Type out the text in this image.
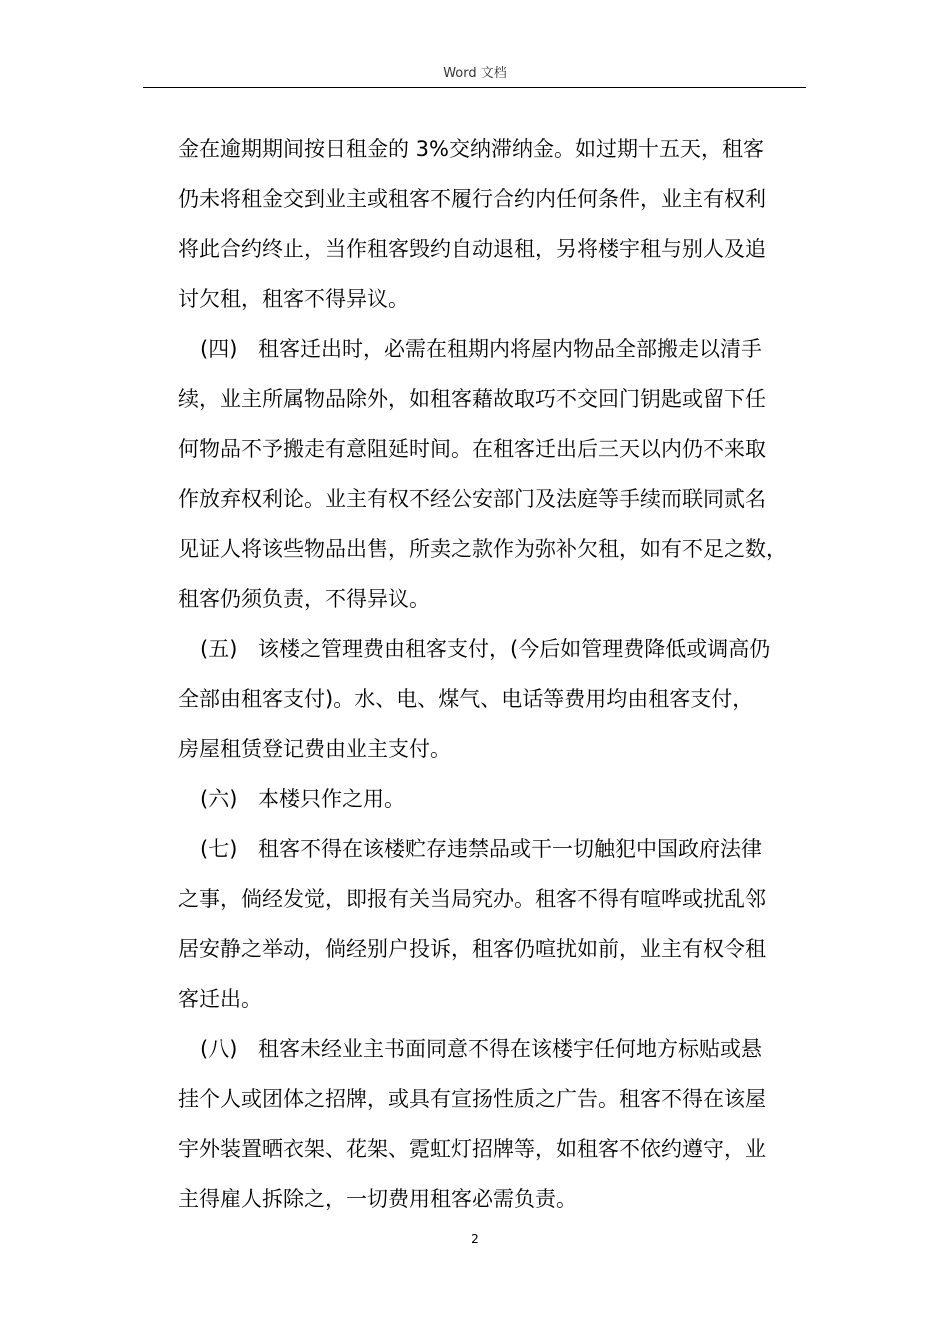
Word 文档
金在逾期期间按日租金的 3%交纳滞纳金。如过期十五天，租客
仍未将租金交到业主或租客不履行合约内任何条件，业主有权利
将此合约终止，当作租客毁约自动退租，另将楼宇租与别人及追
讨欠租，租客不得异议。
(四) 租客迁出时，必需在租期内将屋内物品全部搬走以清手
续，业主所属物品除外，如租客藉故取巧不交回门钥匙或留下任
何物品不予搬走有意阻延时间。在租客迁出后三天以内仍不来取
作放弃权利论。业主有权不经公安部门及法庭等手续而联同贰名
见证人将该些物品出售，所卖之款作为弥补欠租，如有不足之数，
租客仍须负责，不得异议。
(五) 该楼之管理费由租客支付，(今后如管理费降低或调高仍
全部由租客支付)。水、电、煤气、电话等费用均由租客支付，
房屋租赁登记费由业主支付。
(六) 本楼只作之用。
(七) 租客不得在该楼贮存违禁品或干一切触犯中国政府法律
之事，倘经发觉，即报有关当局究办。租客不得有喧哗或扰乱邻
居安静之举动，倘经别户投诉，租客仍喧扰如前，业主有权令租
客迁出。
(八) 租客未经业主书面同意不得在该楼宇任何地方标贴或悬
挂个人或团体之招牌，或具有宣扬性质之广告。租客不得在该屋
宇外装置晒衣架、花架、霓虹灯招牌等，如租客不依约遵守，业
主得雇人拆除之，一切费用租客必需负责。
2
